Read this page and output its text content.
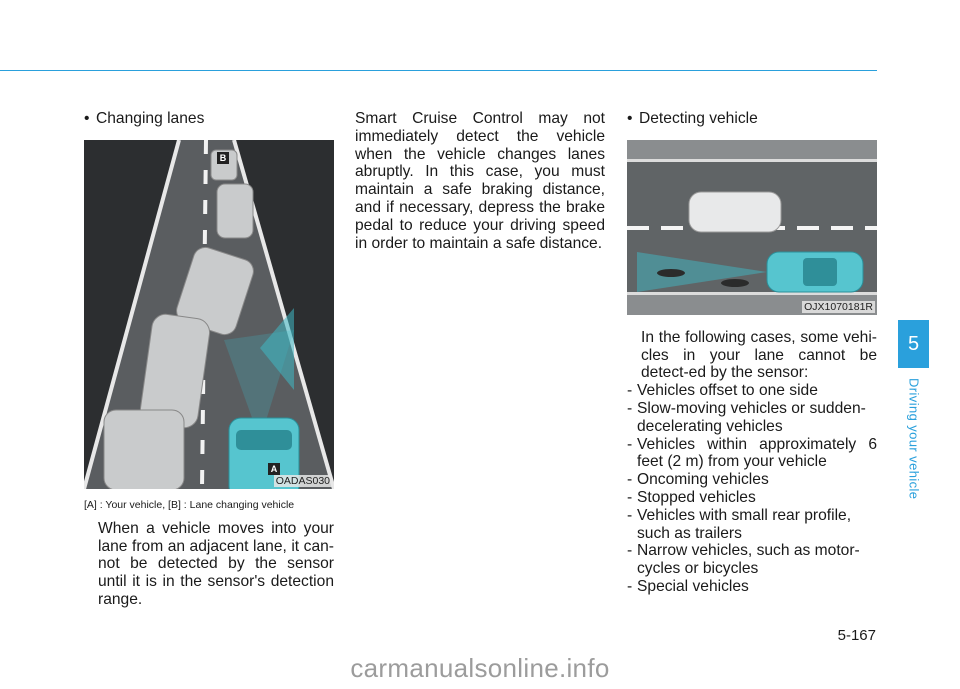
• Changing lanes

B
A
OADAS030

[A] : Your vehicle, [B] : Lane changing vehicle

When a vehicle moves into your lane from an adjacent lane, it can-not be detected by the sensor until it is in the sensor's detection range.

Smart Cruise Control may not immediately detect the vehicle when the vehicle changes lanes abruptly. In this case, you must maintain a safe braking distance, and if necessary, depress the brake pedal to reduce your driving speed in order to maintain a safe distance.

• Detecting vehicle

OJX1070181R

In the following cases, some vehi-cles in your lane cannot be detect-ed by the sensor:

- Vehicles offset to one side
- Slow-moving vehicles or sudden-decelerating vehicles
- Vehicles within approximately 6 feet (2 m) from your vehicle
- Oncoming vehicles
- Stopped vehicles
- Vehicles with small rear profile, such as trailers
- Narrow vehicles, such as motor-cycles or bicycles
- Special vehicles
5
Driving your vehicle
5-167
carmanualsonline.info
